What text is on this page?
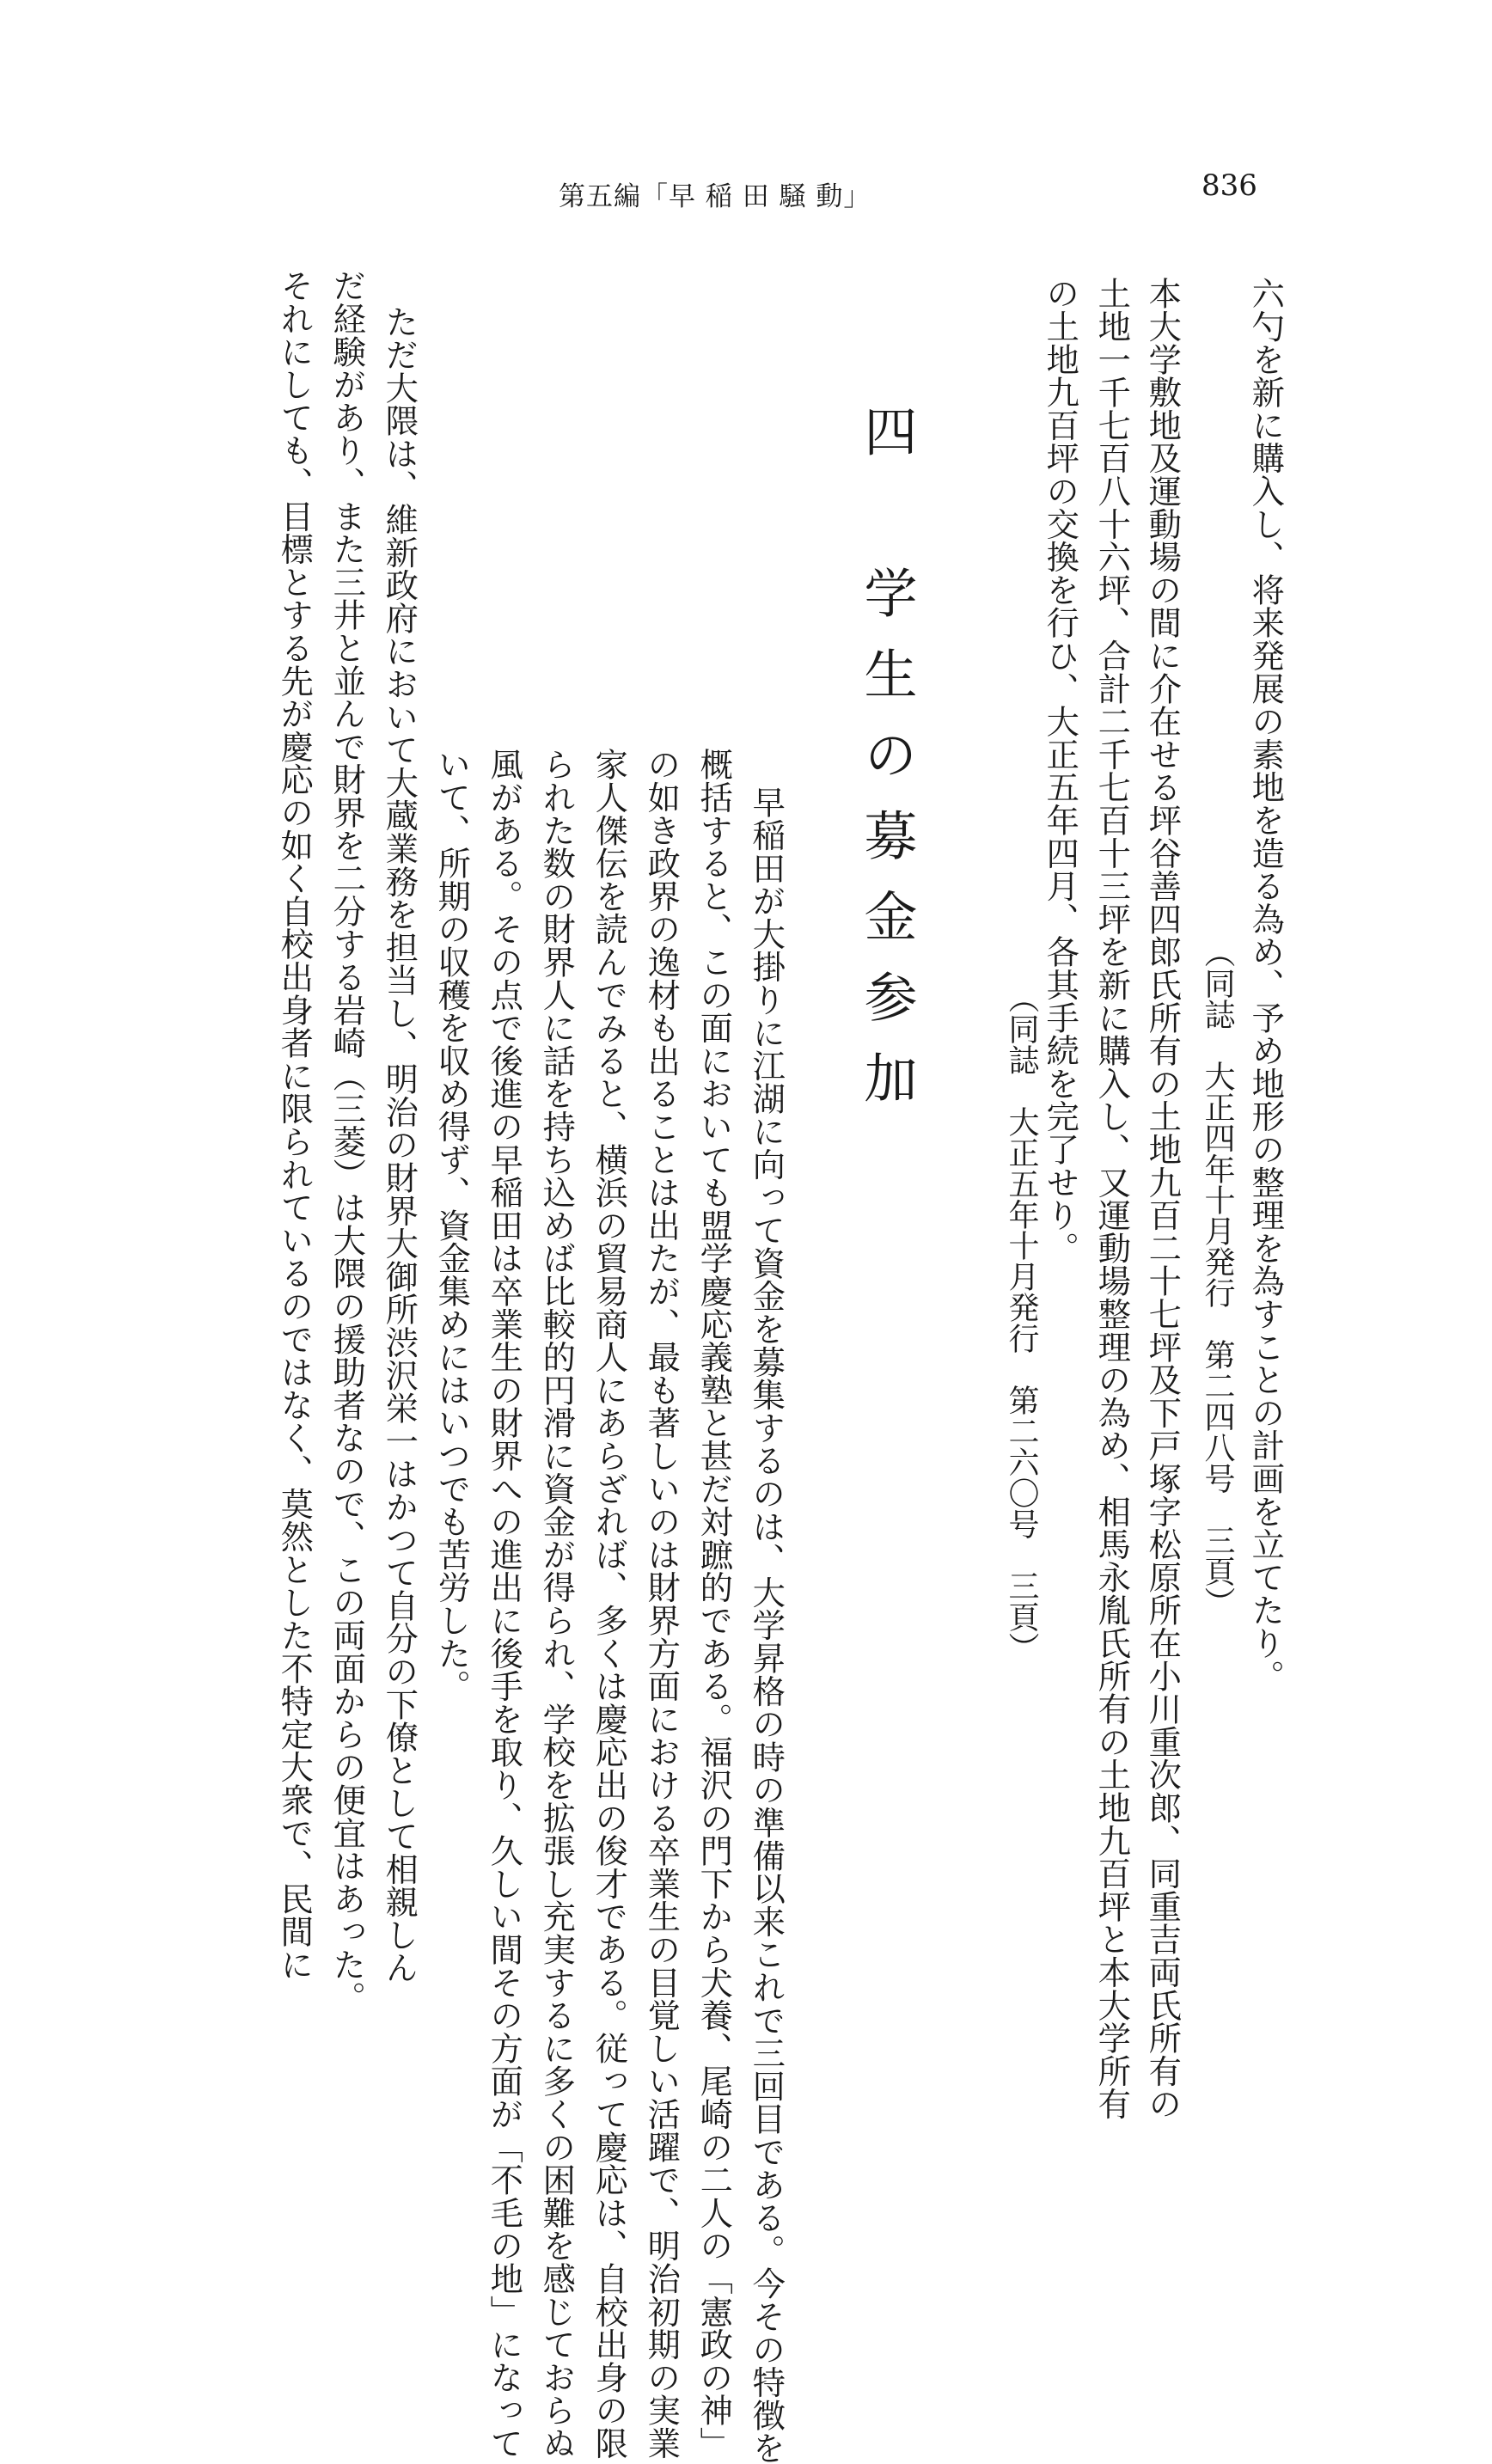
第五編「早 稲 田 騒 動」	836
六勺を新に購入し、将来発展の素地を造る為め、予め地形の整理を為すことの計画を立てたり。
（同誌　大正四年十月発行　第二四八号　三頁）
本大学敷地及運動場の間に介在せる坪谷善四郎氏所有の土地九百二十七坪及下戸塚字松原所在小川重次郎、同重吉両氏所有の
土地一千七百八十六坪、合計二千七百十三坪を新に購入し、又運動場整理の為め、相馬永胤氏所有の土地九百坪と本大学所有
の土地九百坪の交換を行ひ、大正五年四月、各其手続を完了せり。
（同誌　大正五年十月発行　第二六〇号　三頁）
四　学生の募金参加
早稲田が大掛りに江湖に向って資金を募集するのは、大学昇格の時の準備以来これで三回目である。今その特徴を
概括すると、この面においても盟学慶応義塾と甚だ対蹠的である。福沢の門下から犬養、尾崎の二人の「憲政の神」
の如き政界の逸材も出ることは出たが、最も著しいのは財界方面における卒業生の目覚しい活躍で、明治初期の実業
家人傑伝を読んでみると、横浜の貿易商人にあらざれば、多くは慶応出の俊才である。従って慶応は、自校出身の限
られた数の財界人に話を持ち込めば比較的円滑に資金が得られ、学校を拡張し充実するに多くの困難を感じておらぬ
風がある。その点で後進の早稲田は卒業生の財界への進出に後手を取り、久しい間その方面が「不毛の地」になって
いて、所期の収穫を収め得ず、資金集めにはいつでも苦労した。
ただ大隈は、維新政府において大蔵業務を担当し、明治の財界大御所渋沢栄一はかつて自分の下僚として相親しん
だ経験があり、また三井と並んで財界を二分する岩崎（三菱）は大隈の援助者なので、この両面からの便宜はあった。
それにしても、目標とする先が慶応の如く自校出身者に限られているのではなく、莫然とした不特定大衆で、民間に
